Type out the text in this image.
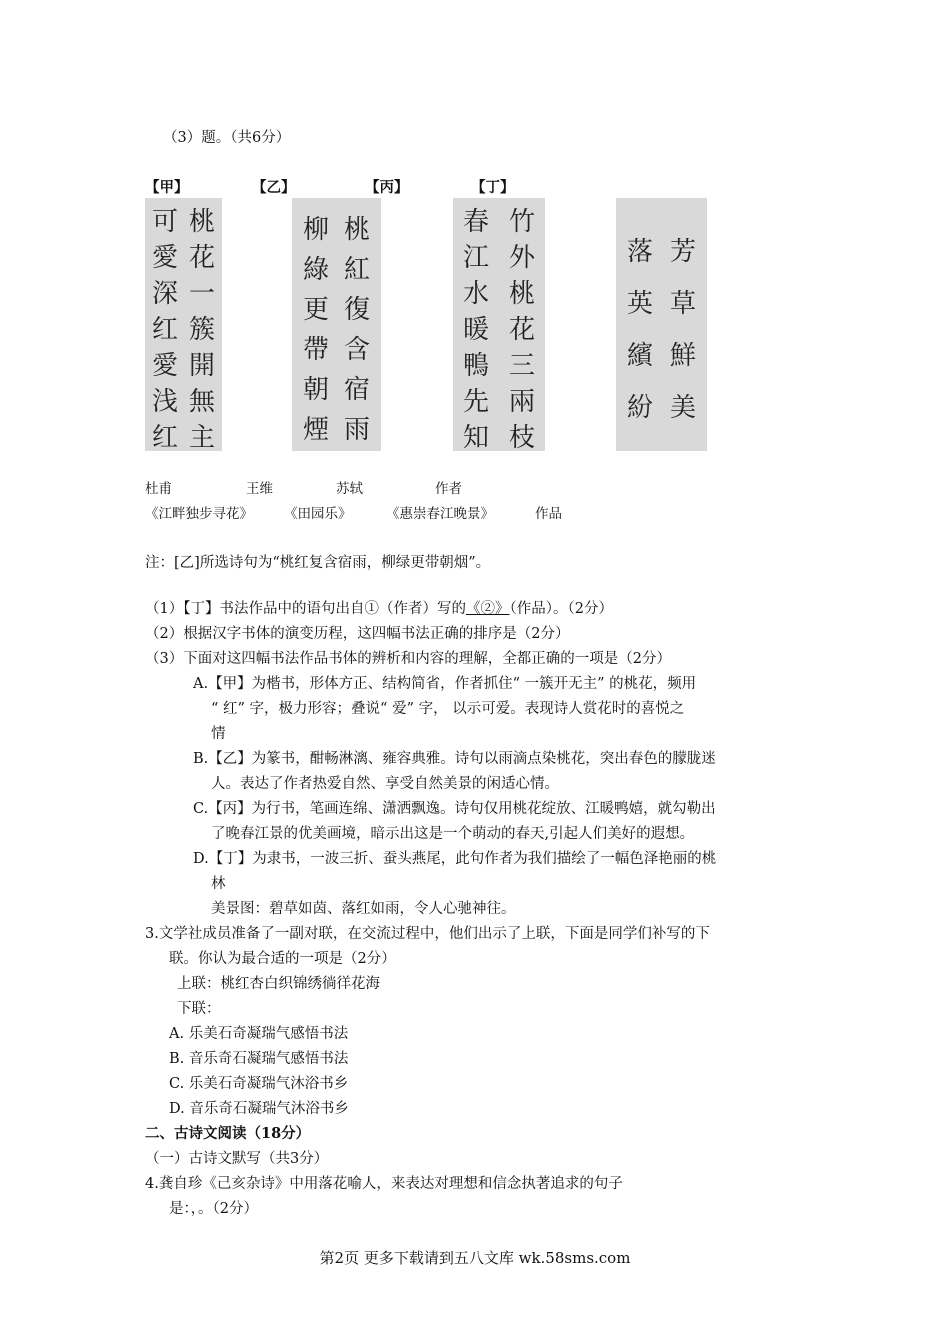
（3）题。（共6分）
【甲】	【乙】	【丙】	【丁】
可
愛
深
红
愛
浅
红
桃
花
一
簇
開
無
主
柳
綠
更
帶
朝
煙
桃
紅
復
含
宿
雨
春
江
水
暖
鴨
先
知
竹
外
桃
花
三
兩
枝
落
英
繽
紛
芳
草
鮮
美
杜甫	王维	苏轼	作者
《江畔独步寻花》 《田园乐》	《惠崇春江晚景》	作品
注：[乙]所选诗句为“桃红复含宿雨，柳绿更带朝烟”。
（1）【丁】书法作品中的语句出自①（作者）写的《②》（作品）。（2分）
（2）根据汉字书体的演变历程，这四幅书法正确的排序是（2分）
（3）下面对这四幅书法作品书体的辨析和内容的理解，全都正确的一项是（2分）
A.【甲】为楷书，形体方正、结构简省，作者抓住“ 一簇开无主” 的桃花，频用
“ 红” 字，极力形容；叠说“ 爱” 字， 以示可爱。表现诗人赏花时的喜悦之
情
B.【乙】为篆书，酣畅淋漓、雍容典雅。诗句以雨滴点染桃花，突出春色的朦胧迷
人。表达了作者热爱自然、享受自然美景的闲适心情。
C.【丙】为行书，笔画连绵、潇洒飘逸。诗句仅用桃花绽放、江暖鸭嬉，就勾勒出
了晚春江景的优美画境，暗示出这是一个萌动的春天,引起人们美好的遐想。
D.【丁】为隶书，一波三折、蚕头燕尾，此句作者为我们描绘了一幅色泽艳丽的桃
林
美景图：碧草如茵、落红如雨，令人心驰神往。
3.文学社成员准备了一副对联，在交流过程中，他们出示了上联，下面是同学们补写的下
联。你认为最合适的一项是（2分）
上联：桃红杏白织锦绣徜徉花海
下联：
A. 乐美石奇凝瑞气感悟书法
B. 音乐奇石凝瑞气感悟书法
C. 乐美石奇凝瑞气沐浴书乡
D. 音乐奇石凝瑞气沐浴书乡
二、古诗文阅读（18分）
（一）古诗文默写（共3分）
4.龚自珍《己亥杂诗》中用落花喻人，来表达对理想和信念执著追求的句子
是：，。（2分）
第2页 更多下载请到五八文库 wk.58sms.com
